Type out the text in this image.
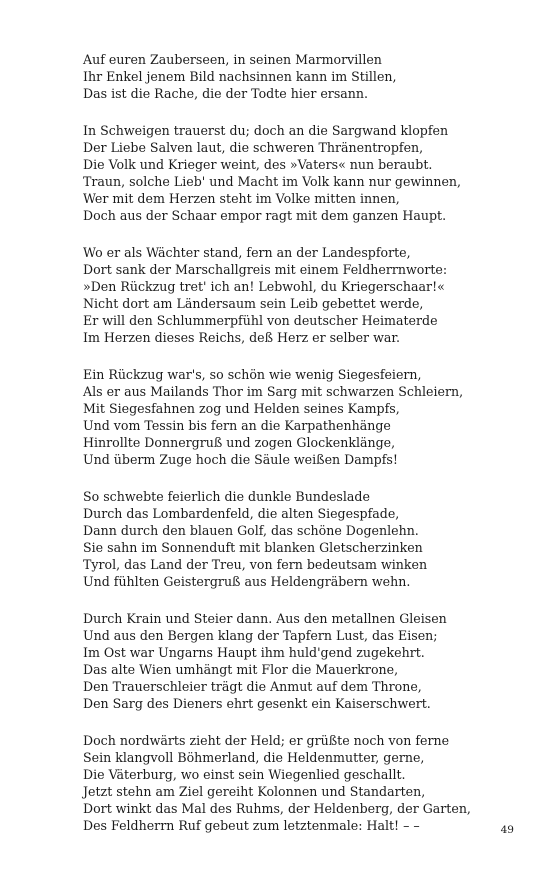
Auf euren Zauberseen, in seinen Marmorvillen
Ihr Enkel jenem Bild nachsinnen kann im Stillen,
Das ist die Rache, die der Todte hier ersann.
In Schweigen trauerst du; doch an die Sargwand klopfen
Der Liebe Salven laut, die schweren Thränentropfen,
Die Volk und Krieger weint, des »Vaters« nun beraubt.
Traun, solche Lieb' und Macht im Volk kann nur gewinnen,
Wer mit dem Herzen steht im Volke mitten innen,
Doch aus der Schaar empor ragt mit dem ganzen Haupt.
Wo er als Wächter stand, fern an der Landespforte,
Dort sank der Marschallgreis mit einem Feldherrnworte:
»Den Rückzug tret' ich an! Lebwohl, du Kriegerschaar!«
Nicht dort am Ländersaum sein Leib gebettet werde,
Er will den Schlummerpfühl von deutscher Heimaterde
Im Herzen dieses Reichs, deß Herz er selber war.
Ein Rückzug war's, so schön wie wenig Siegesfeiern,
Als er aus Mailands Thor im Sarg mit schwarzen Schleiern,
Mit Siegesfahnen zog und Helden seines Kampfs,
Und vom Tessin bis fern an die Karpathenhänge
Hinrollte Donnergruß und zogen Glockenklänge,
Und überm Zuge hoch die Säule weißen Dampfs!
So schwebte feierlich die dunkle Bundeslade
Durch das Lombardenfeld, die alten Siegespfade,
Dann durch den blauen Golf, das schöne Dogenlehn.
Sie sahn im Sonnenduft mit blanken Gletscherzinken
Tyrol, das Land der Treu, von fern bedeutsam winken
Und fühlten Geistergruß aus Heldengräbern wehn.
Durch Krain und Steier dann. Aus den metallnen Gleisen
Und aus den Bergen klang der Tapfern Lust, das Eisen;
Im Ost war Ungarns Haupt ihm huld'gend zugekehrt.
Das alte Wien umhängt mit Flor die Mauerkrone,
Den Trauerschleier trägt die Anmut auf dem Throne,
Den Sarg des Dieners ehrt gesenkt ein Kaiserschwert.
Doch nordwärts zieht der Held; er grüßte noch von ferne
Sein klangvoll Böhmerland, die Heldenmutter, gerne,
Die Väterburg, wo einst sein Wiegenlied geschallt.
Jetzt stehn am Ziel gereiht Kolonnen und Standarten,
Dort winkt das Mal des Ruhms, der Heldenberg, der Garten,
Des Feldherrn Ruf gebeut zum letztenmale: Halt! – –	49
